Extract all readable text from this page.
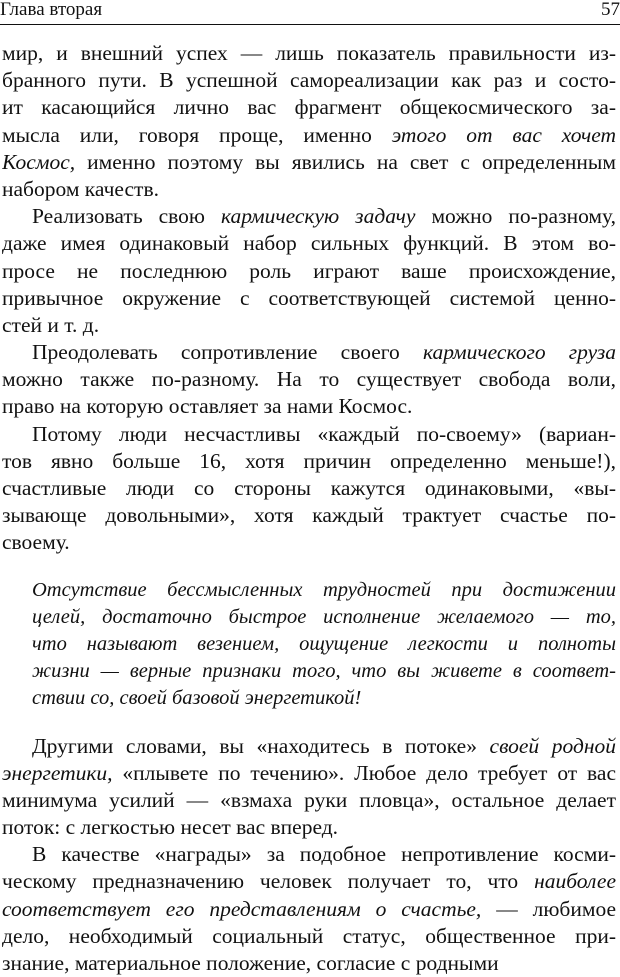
Глава вторая	57
мир, и внешний успех — лишь показатель правильности из-
бранного пути. В успешной самореализации как раз и состо-
ит касающийся лично вас фрагмент общекосмического за-
мысла или, говоря проще, именно этого от вас хочет
Космос, именно поэтому вы явились на свет с определенным
набором качеств.
Реализовать свою кармическую задачу можно по-разному,
даже имея одинаковый набор сильных функций. В этом во-
просе не последнюю роль играют ваше происхождение,
привычное окружение с соответствующей системой ценно-
стей и т. д.
Преодолевать сопротивление своего кармического груза
можно также по-разному. На то существует свобода воли,
право на которую оставляет за нами Космос.
Потому люди несчастливы «каждый по-своему» (вариан-
тов явно больше 16, хотя причин определенно меньше!),
счастливые люди со стороны кажутся одинаковыми, «вы-
зывающе довольными», хотя каждый трактует счастье по-
своему.
Отсутствие бессмысленных трудностей при достижении
целей, достаточно быстрое исполнение желаемого — то,
что называют везением, ощущение легкости и полноты
жизни — верные признаки того, что вы живете в соответ-
ствии со, своей базовой энергетикой!
Другими словами, вы «находитесь в потоке» своей родной
энергетики, «плывете по течению». Любое дело требует от вас
минимума усилий — «взмаха руки пловца», остальное делает
поток: с легкостью несет вас вперед.
В качестве «награды» за подобное непротивление косми-
ческому предназначению человек получает то, что наиболее
соответствует его представлениям о счастье, — любимое
дело, необходимый социальный статус, общественное при-
знание, материальное положение, согласие с родными
